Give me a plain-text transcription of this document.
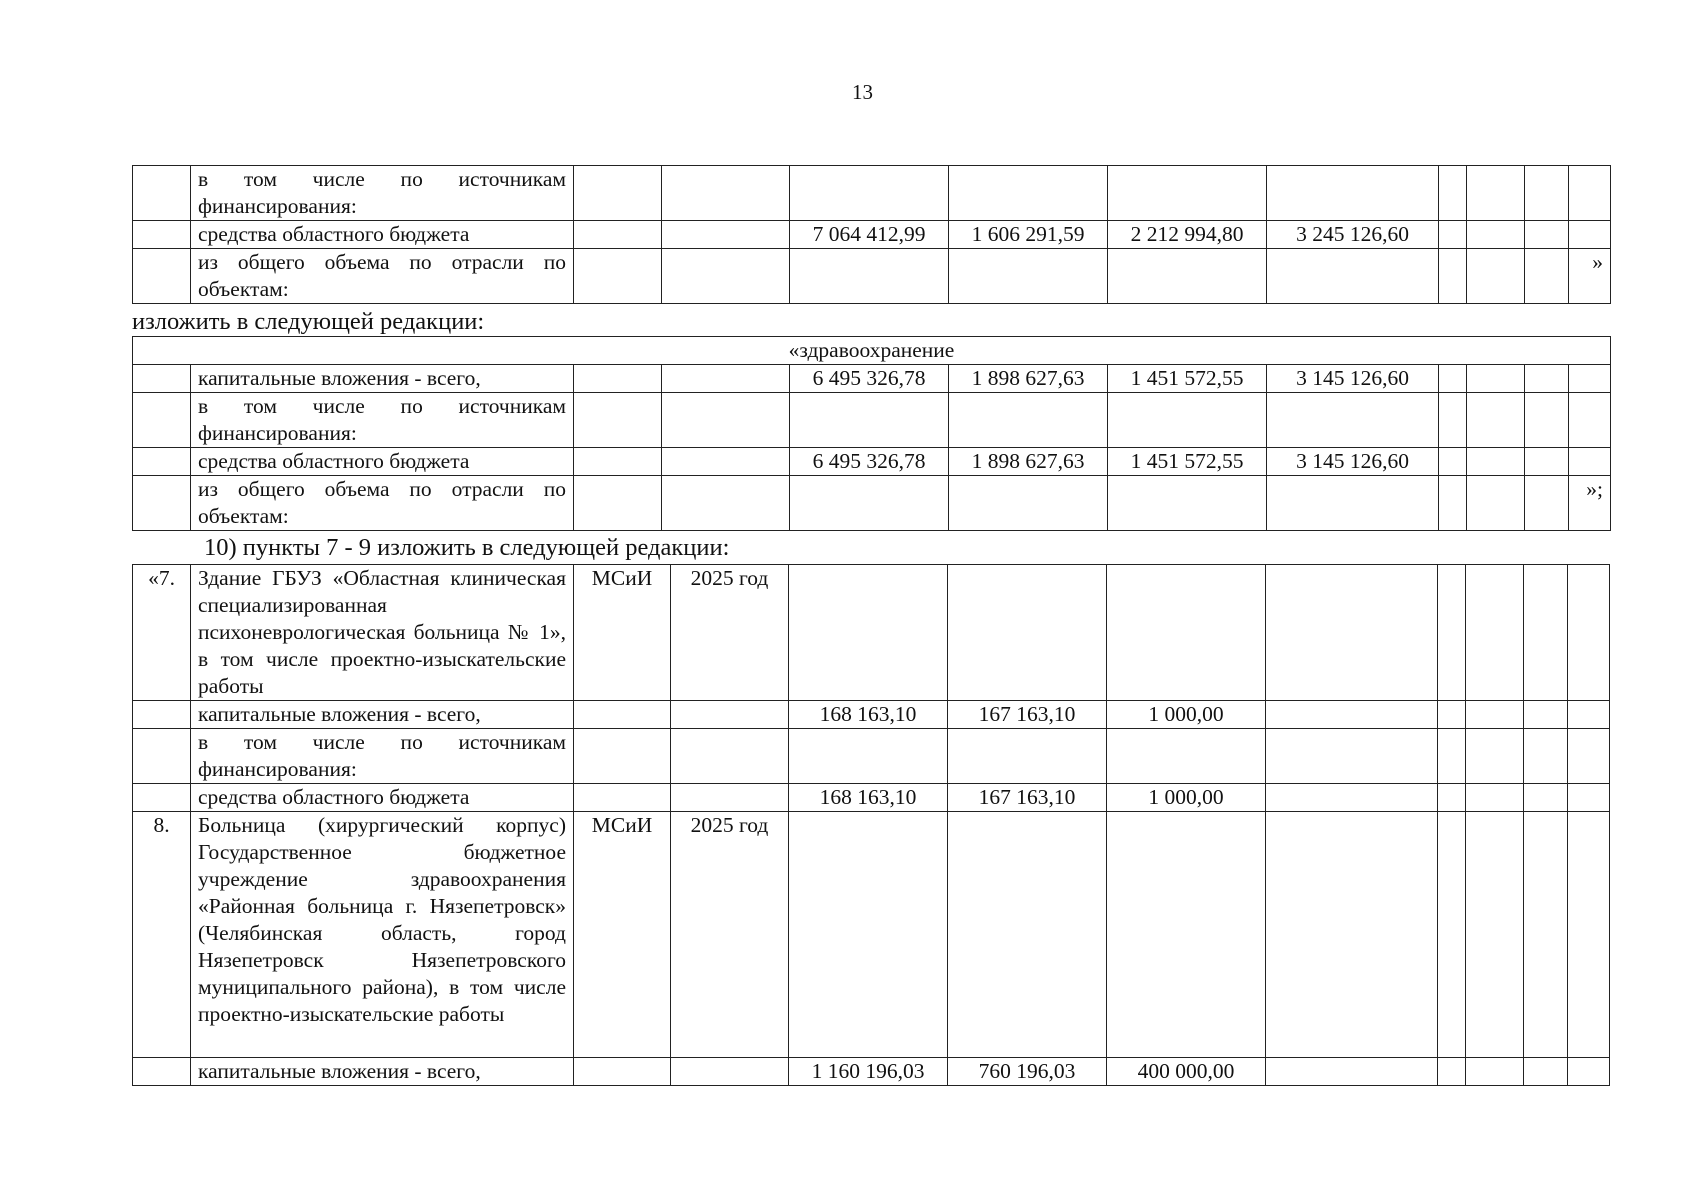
13
	в том числе по источникам финансирования:										
	средства областного бюджета			7 064 412,99	1 606 291,59	2 212 994,80	3 245 126,60				
	из общего объема по отрасли по объектам:										»
изложить в следующей редакции:
«здравоохранение											
	капитальные вложения - всего,			6 495 326,78	1 898 627,63	1 451 572,55	3 145 126,60				
	в том числе по источникам финансирования:										
	средства областного бюджета			6 495 326,78	1 898 627,63	1 451 572,55	3 145 126,60				
	из общего объема по отрасли по объектам:										»;
10) пункты 7 - 9 изложить в следующей редакции:
«7.	Здание ГБУЗ «Областная клиническая специализированная психоневрологическая больница № 1», в том числе проектно-изыскательские работы	МСиИ	2025 год								
	капитальные вложения - всего,			168 163,10	167 163,10	1 000,00					
	в том числе по источникам финансирования:										
	средства областного бюджета			168 163,10	167 163,10	1 000,00					
8.	Больница (хирургический корпус) Государственное бюджетное учреждение здравоохранения «Районная больница г. Нязепетровск» (Челябинская область, город Нязепетровск Нязепетровского муниципального района), в том числе проектно-изыскательские работы	МСиИ	2025 год								
	капитальные вложения - всего,			1 160 196,03	760 196,03	400 000,00					
